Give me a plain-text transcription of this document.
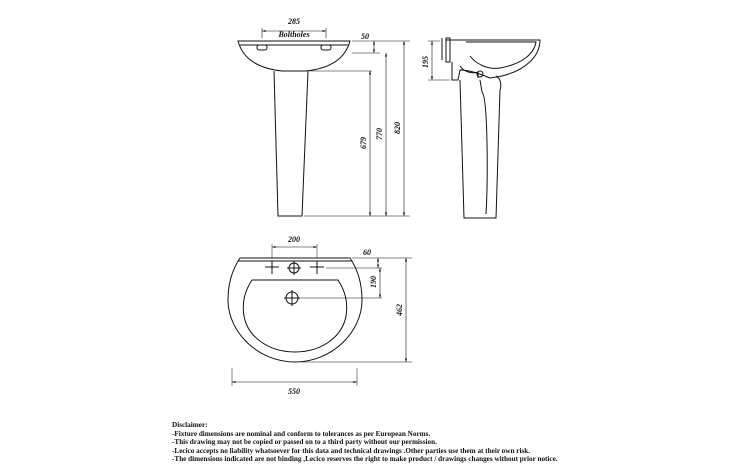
285
Boltholes	50
679
770 820
195
200
60
190
462
550
Disclaimer:
-Fixture dimensions are nominal and conform to tolerances as per European Norms.
-This drawing may not be copied or passed on to a third party without our permission.
-Lecico accepts no liability whatsoever for this data and technical drawings .Other parties use them at their own risk.
-The dimensions indicated are not binding ,Lecico reserves the right to make product / drawings changes without prior notice.
